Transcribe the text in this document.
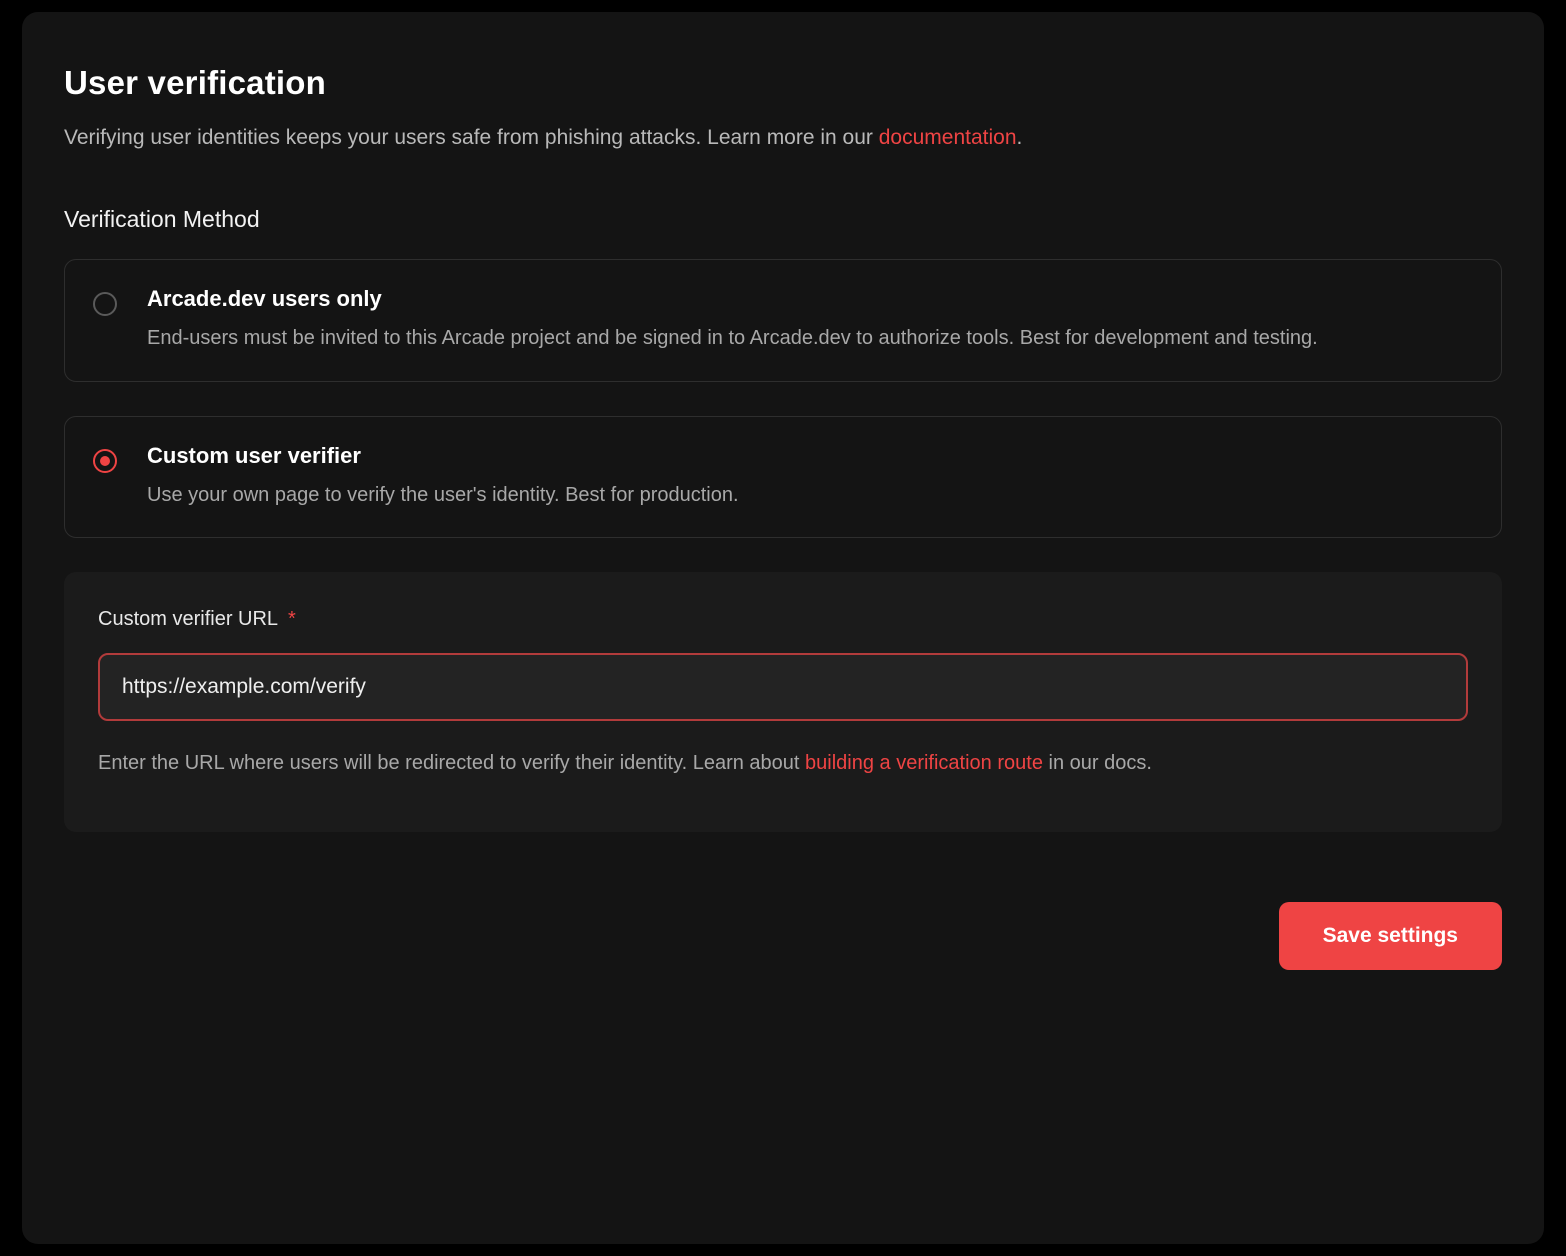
User verification

Verifying user identities keeps your users safe from phishing attacks. Learn more in our documentation.

Verification Method
Arcade.dev users only
End-users must be invited to this Arcade project and be signed in to Arcade.dev to authorize tools. Best for development and testing.
Custom user verifier
Use your own page to verify the user's identity. Best for production.
Custom verifier URL *
https://example.com/verify

Enter the URL where users will be redirected to verify their identity. Learn about building a verification route in our docs.

Save settings
